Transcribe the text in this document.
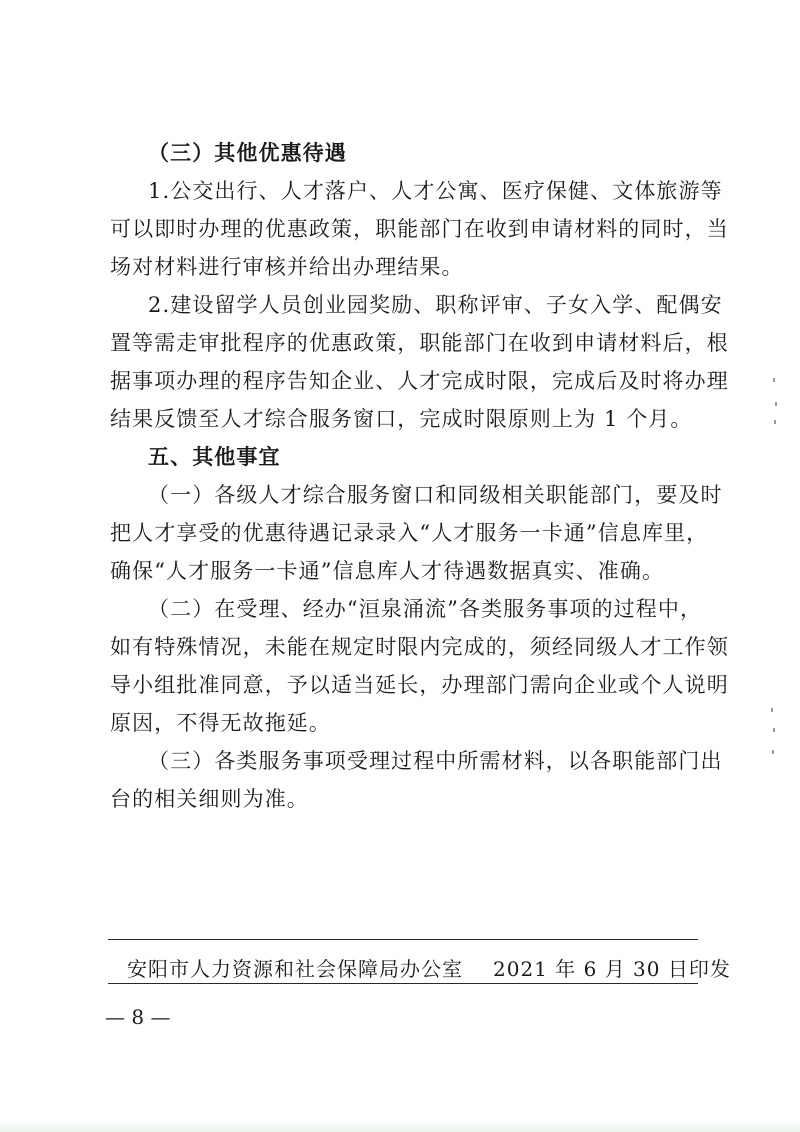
（三）其他优惠待遇
1.公交出行、人才落户、人才公寓、医疗保健、文体旅游等
可以即时办理的优惠政策，职能部门在收到申请材料的同时，当
场对材料进行审核并给出办理结果。
2.建设留学人员创业园奖励、职称评审、子女入学、配偶安
置等需走审批程序的优惠政策，职能部门在收到申请材料后，根
据事项办理的程序告知企业、人才完成时限，完成后及时将办理
结果反馈至人才综合服务窗口，完成时限原则上为 1 个月。
五、其他事宜
（一）各级人才综合服务窗口和同级相关职能部门，要及时
把人才享受的优惠待遇记录录入“人才服务一卡通”信息库里，
确保“人才服务一卡通”信息库人才待遇数据真实、准确。
（二）在受理、经办“洹泉涌流”各类服务事项的过程中，
如有特殊情况，未能在规定时限内完成的，须经同级人才工作领
导小组批准同意，予以适当延长，办理部门需向企业或个人说明
原因，不得无故拖延。
（三）各类服务事项受理过程中所需材料，以各职能部门出
台的相关细则为准。
安阳市人力资源和社会保障局办公室 2021 年 6 月 30 日印发
— 8 —
